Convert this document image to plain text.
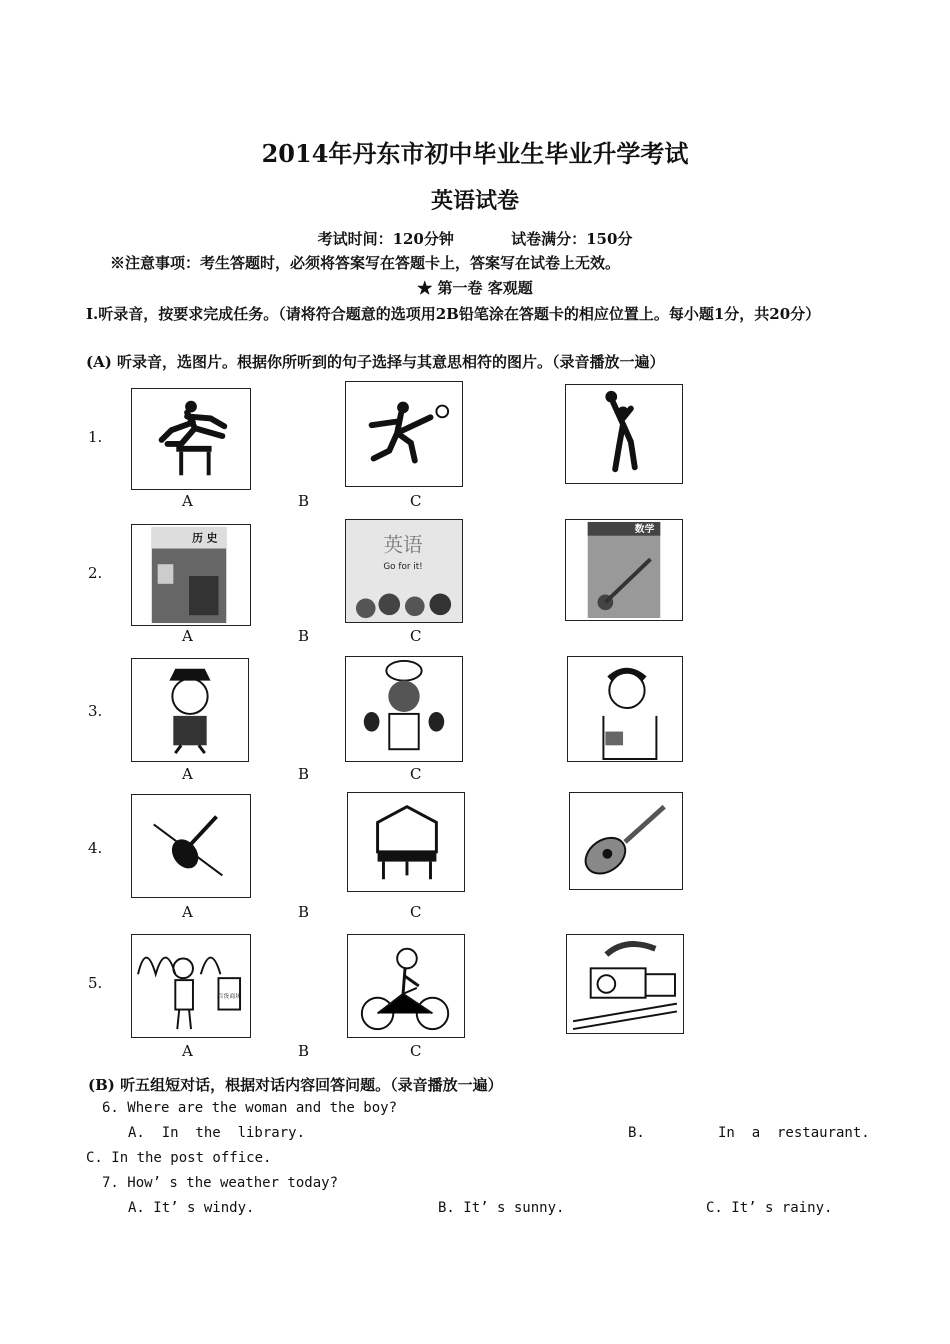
2014年丹东市初中毕业生毕业升学考试
英语试卷
考试时间：120分钟	试卷满分：150分
※注意事项：考生答题时，必须将答案写在答题卡上，答案写在试卷上无效。
★ 第一卷 客观题
Ⅰ.听录音，按要求完成任务。（请将符合题意的选项用2B铅笔涂在答题卡的相应位置上。每小题1分，共20分）
(A) 听录音，选图片。根据你所听到的句子选择与其意思相符的图片。（录音播放一遍）
1.
2.
3.
4.
5.
A	B	C
历 史	英语
Go for it!
数学
A	B	C
A	B	C
A	B	C
百货商场
A	B	C
(B) 听五组短对话，根据对话内容回答问题。（录音播放一遍）
6. Where are the woman and the boy?
A.  In  the  library.	B.	In  a  restaurant.
C. In the post office.
7. How’ s the weather today?
A. It’ s windy.	B. It’ s sunny.	C. It’ s rainy.
